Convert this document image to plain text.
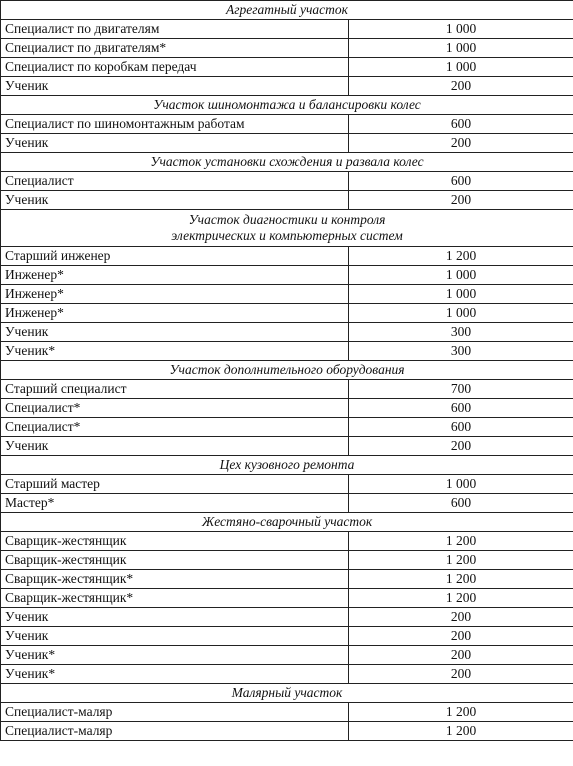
Агрегатный участок	

Специалист по двигателям	1 000
Специалист по двигателям*	1 000
Специалист по коробкам передач	1 000
Ученик	200

Участок шиномонтажа и балансировки колес	

Специалист по шиномонтажным работам	600
Ученик	200

Участок установки схождения и развала колес	

Специалист	600
Ученик	200

Участок диагностики и контроля
электрических и компьютерных систем	

Старший инженер	1 200
Инженер*	1 000
Инженер*	1 000
Инженер*	1 000
Ученик	300
Ученик*	300

Участок дополнительного оборудования	

Старший специалист	700
Специалист*	600
Специалист*	600
Ученик	200

Цех кузовного ремонта	

Старший мастер	1 000
Мастер*	600

Жестяно-сварочный участок	

Сварщик-жестянщик	1 200
Сварщик-жестянщик	1 200
Сварщик-жестянщик*	1 200
Сварщик-жестянщик*	1 200
Ученик	200
Ученик	200
Ученик*	200
Ученик*	200

Малярный участок	

Специалист-маляр	1 200
Специалист-маляр	1 200
